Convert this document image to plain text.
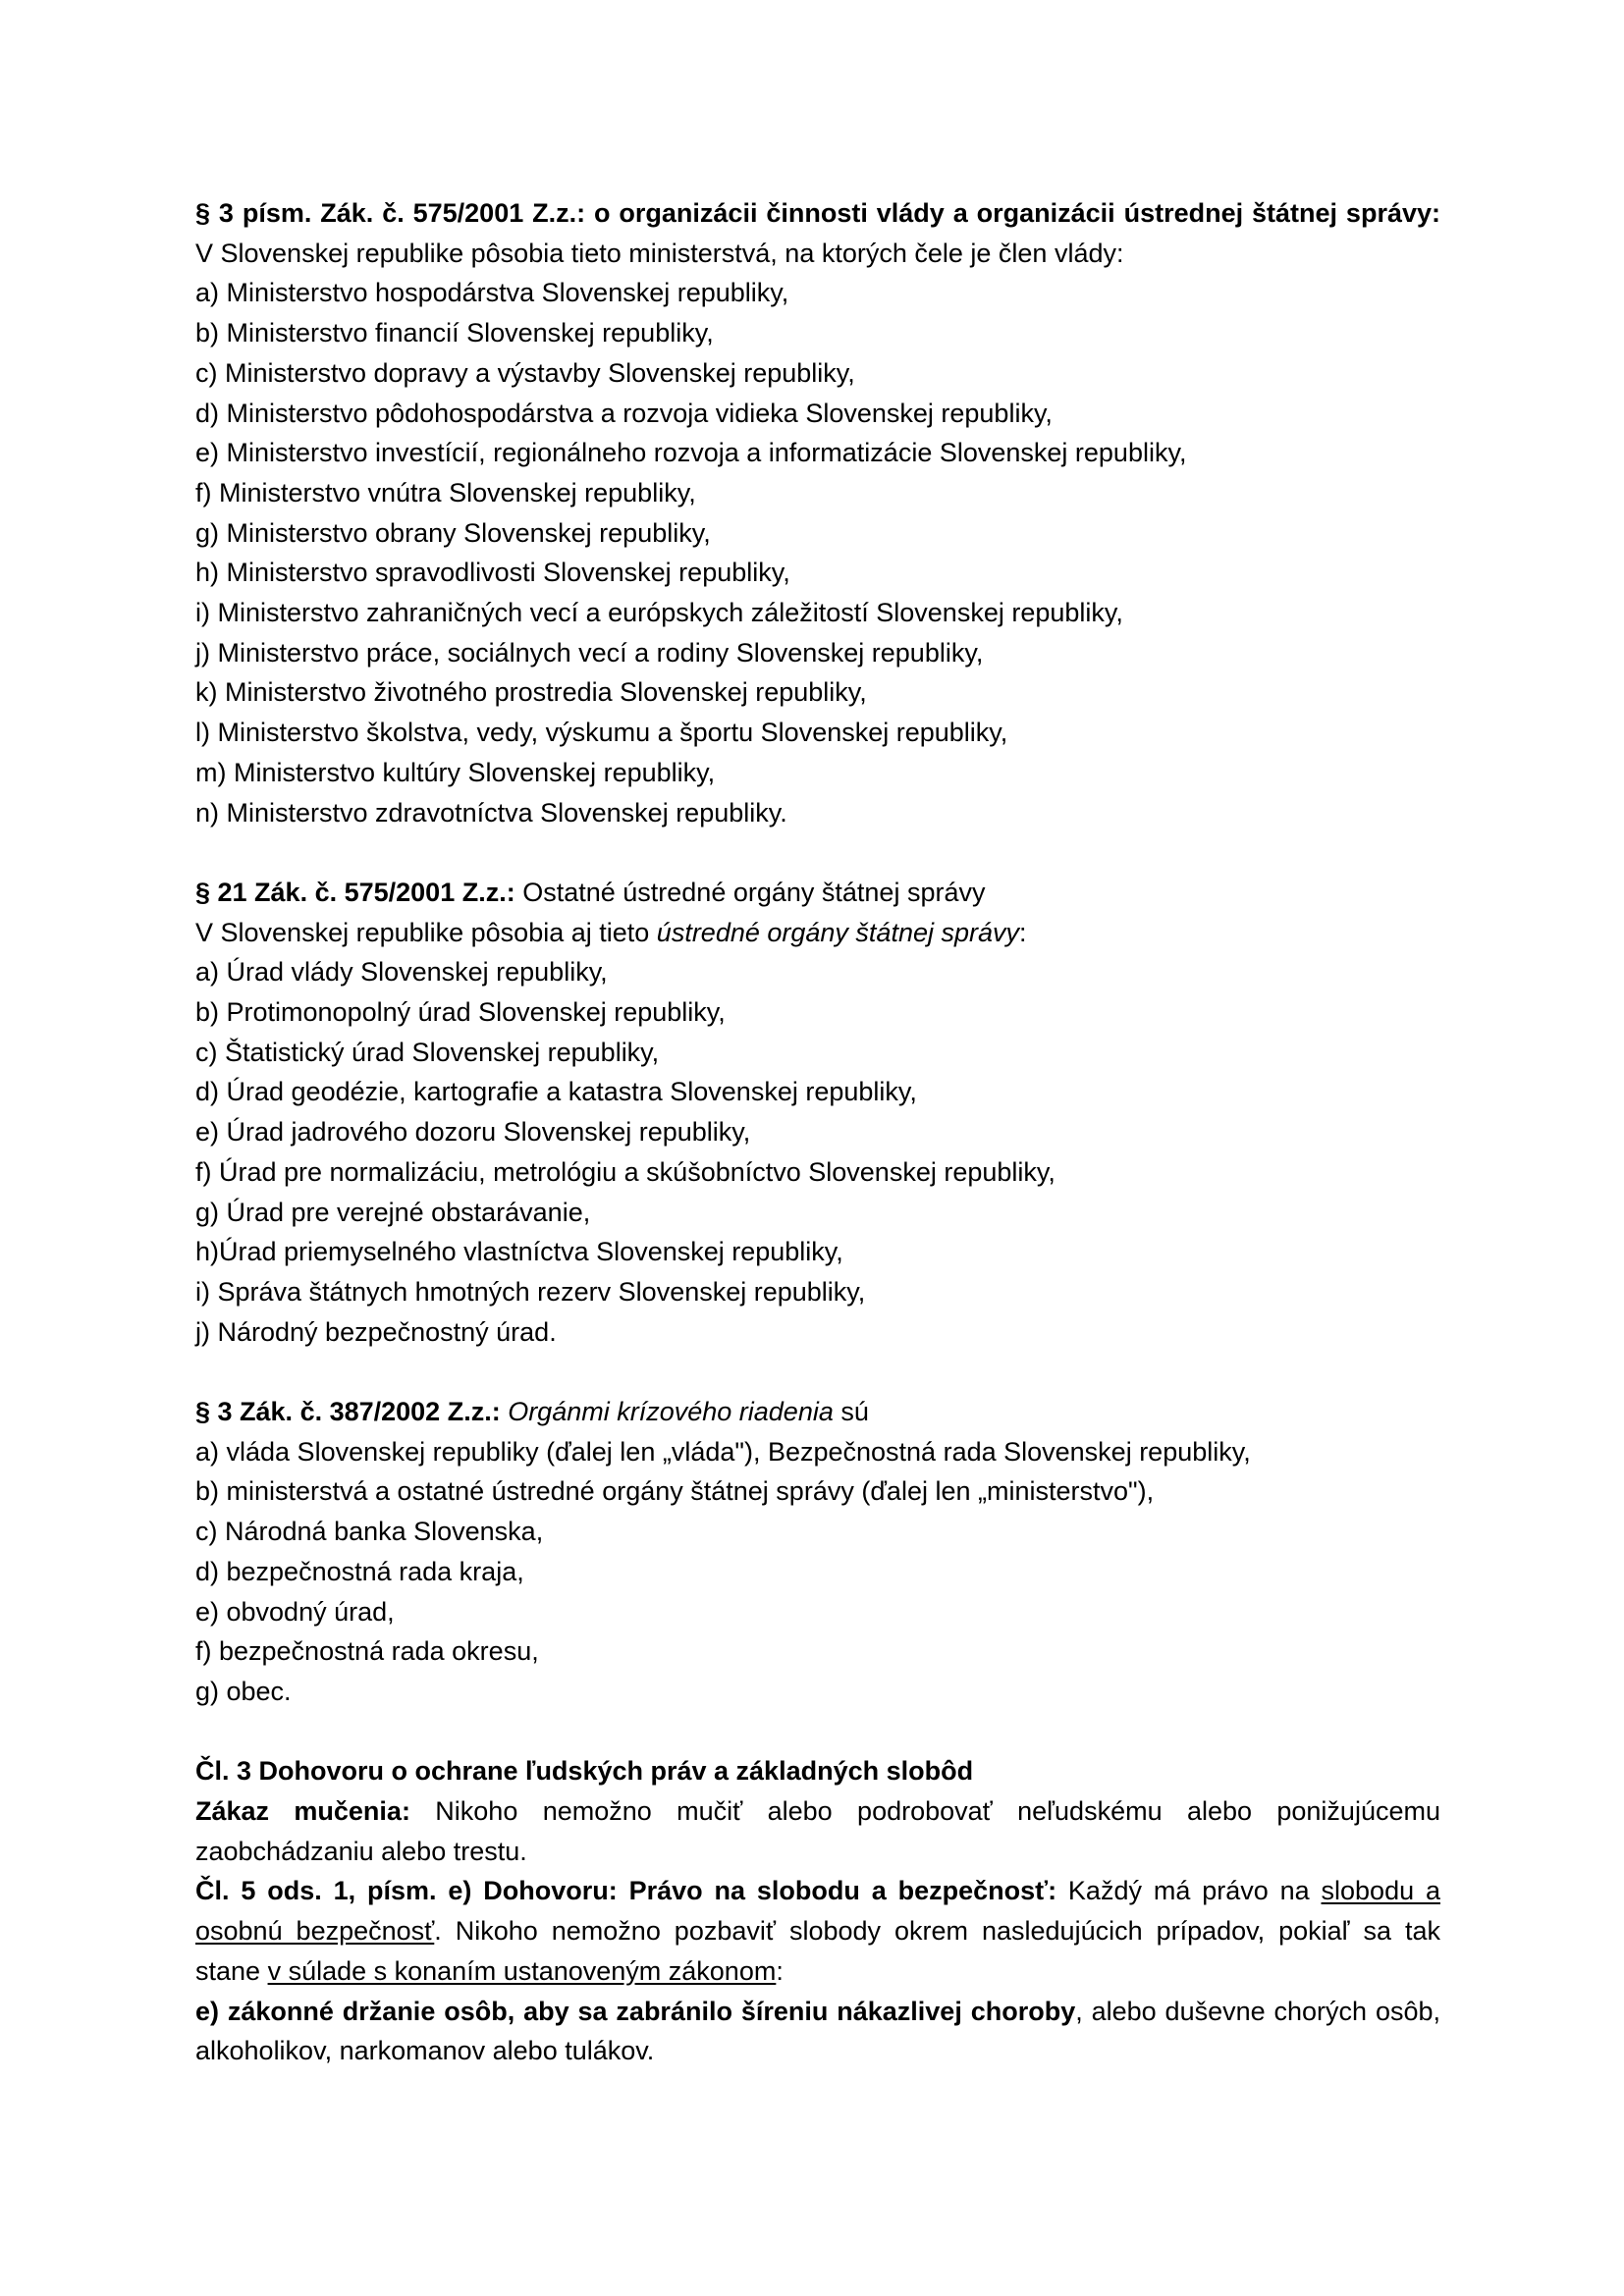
§ 3 písm. Zák. č. 575/2001 Z.z.: o organizácii činnosti vlády a organizácii ústrednej štátnej správy: V Slovenskej republike pôsobia tieto ministerstvá, na ktorých čele je člen vlády:
a) Ministerstvo hospodárstva Slovenskej republiky,
b) Ministerstvo financií Slovenskej republiky,
c) Ministerstvo dopravy a výstavby Slovenskej republiky,
d) Ministerstvo pôdohospodárstva a rozvoja vidieka Slovenskej republiky,
e) Ministerstvo investícií, regionálneho rozvoja a informatizácie Slovenskej republiky,
f) Ministerstvo vnútra Slovenskej republiky,
g) Ministerstvo obrany Slovenskej republiky,
h) Ministerstvo spravodlivosti Slovenskej republiky,
i) Ministerstvo zahraničných vecí a európskych záležitostí Slovenskej republiky,
j) Ministerstvo práce, sociálnych vecí a rodiny Slovenskej republiky,
k) Ministerstvo životného prostredia Slovenskej republiky,
l) Ministerstvo školstva, vedy, výskumu a športu Slovenskej republiky,
m) Ministerstvo kultúry Slovenskej republiky,
n) Ministerstvo zdravotníctva Slovenskej republiky.
§ 21 Zák. č. 575/2001 Z.z.: Ostatné ústredné orgány štátnej správy
V Slovenskej republike pôsobia aj tieto ústredné orgány štátnej správy:
a) Úrad vlády Slovenskej republiky,
b) Protimonopolný úrad Slovenskej republiky,
c) Štatistický úrad Slovenskej republiky,
d) Úrad geodézie, kartografie a katastra Slovenskej republiky,
e) Úrad jadrového dozoru Slovenskej republiky,
f) Úrad pre normalizáciu, metrológiu a skúšobníctvo Slovenskej republiky,
g) Úrad pre verejné obstarávanie,
h)Úrad priemyselného vlastníctva Slovenskej republiky,
i) Správa štátnych hmotných rezerv Slovenskej republiky,
j) Národný bezpečnostný úrad.
§ 3 Zák. č. 387/2002 Z.z.: Orgánmi krízového riadenia sú
a) vláda Slovenskej republiky (ďalej len „vláda"), Bezpečnostná rada Slovenskej republiky,
b) ministerstvá a ostatné ústredné orgány štátnej správy (ďalej len „ministerstvo"),
c) Národná banka Slovenska,
d) bezpečnostná rada kraja,
e) obvodný úrad,
f) bezpečnostná rada okresu,
g) obec.
Čl. 3 Dohovoru o ochrane ľudských práv a základných slobôd
Zákaz mučenia: Nikoho nemožno mučiť alebo podrobovať neľudskému alebo ponižujúcemu zaobchádzaniu alebo trestu.
Čl. 5 ods. 1, písm. e) Dohovoru: Právo na slobodu a bezpečnosť: Každý má právo na slobodu a osobnú bezpečnosť. Nikoho nemožno pozbaviť slobody okrem nasledujúcich prípadov, pokiaľ sa tak stane v súlade s konaním ustanoveným zákonom:
e) zákonné držanie osôb, aby sa zabránilo šíreniu nákazlivej choroby, alebo duševne chorých osôb, alkoholikov, narkomanov alebo tulákov.
